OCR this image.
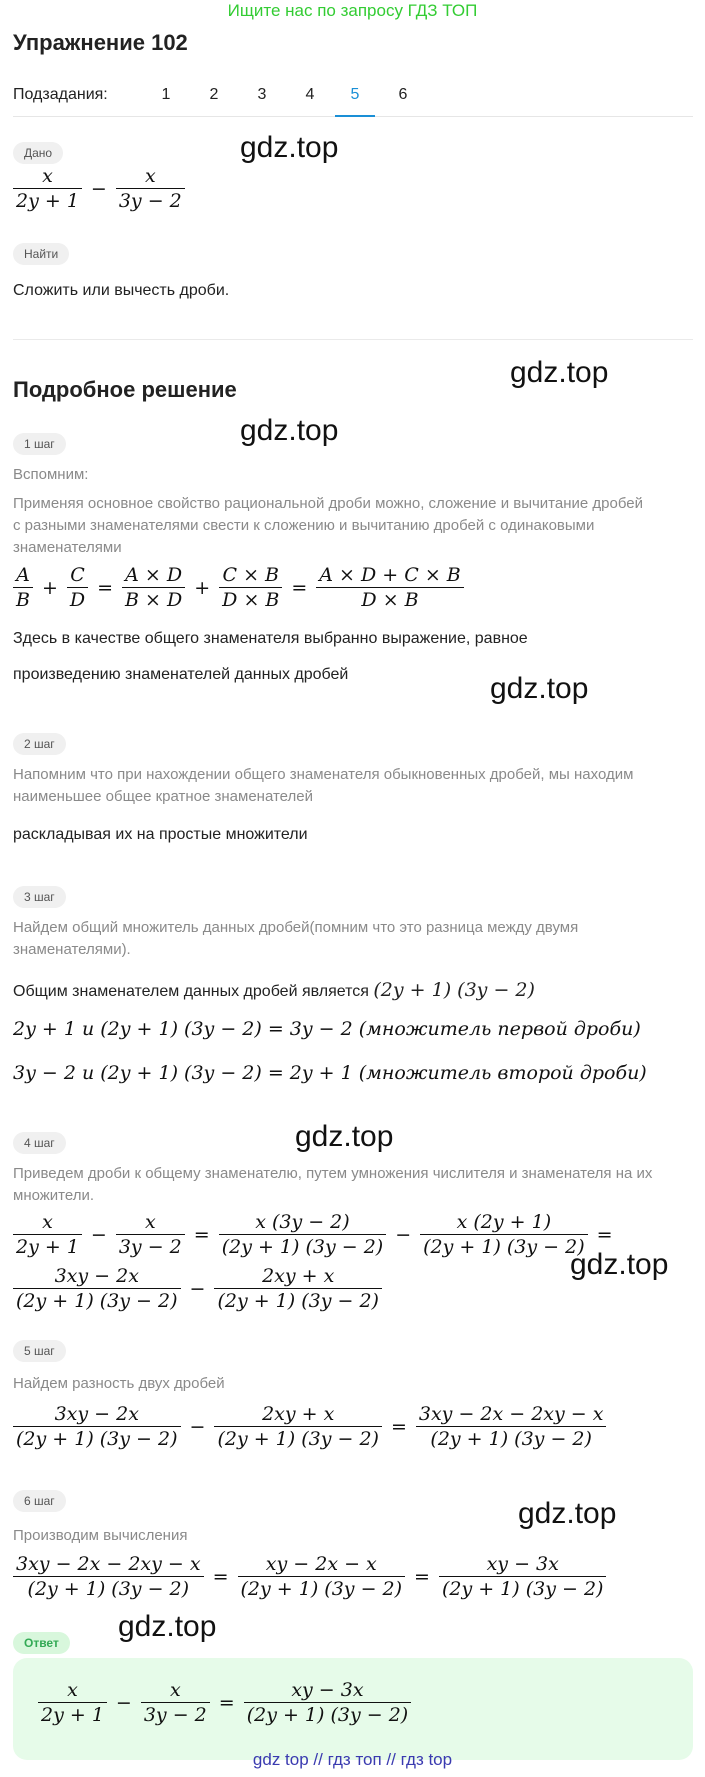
Ищите нас по запросу ГДЗ ТОП
Упражнение 102
Подзадания:	1	2	3	4	5	6
Дано	gdz.top
$\frac{x}{2y + 1} - \frac{x}{3y - 2}$
Найти
Сложить или вычесть дроби.
Подробное решение
gdz.top
gdz.top
1 шаг
Вспомним:
Применяя основное свойство рациональной дроби можно, сложение и вычитание дробей с разными знаменателями свести к сложению и вычитанию дробей с одинаковыми знаменателями
$\frac{A}{B} + \frac{C}{D} = \frac{A \times D}{B \times D} + \frac{C \times B}{D \times B} = \frac{A \times D + C \times B}{D \times B}$
Здесь в качестве общего знаменателя выбранно выражение, равное
произведению знаменателей данных дробей	gdz.top
2 шаг
Напомним что при нахождении общего знаменателя обыкновенных дробей, мы находим наименьшее общее кратное знаменателей
раскладывая их на простые множители
3 шаг
Найдем общий множитель данных дробей(помним что это разница между двумя знаменателями).
Общим знаменателем данных дробей является (2y + 1) (3y − 2)
2y + 1 и (2y + 1) (3y − 2) = 3y − 2 (множитель первой дроби)
3y − 2 и (2y + 1) (3y − 2) = 2y + 1 (множитель второй дроби)
gdz.top
4 шаг
Приведем дроби к общему знаменателю, путем умножения числителя и знаменателя на их множители.
$\frac{x}{2y + 1} - \frac{x}{3y - 2} = \frac{x (3y - 2)}{(2y + 1) (3y - 2)} - \frac{x (2y + 1)}{(2y + 1) (3y - 2)}$ =
$\frac{3xy - 2x}{(2y + 1) (3y - 2)} - \frac{2xy + x}{(2y + 1) (3y - 2)}$	gdz.top
5 шаг
Найдем разность двух дробей
$\frac{3xy - 2x}{(2y + 1) (3y - 2)} - \frac{2xy + x}{(2y + 1) (3y - 2)} = \frac{3xy - 2x - 2xy - x}{(2y + 1) (3y - 2)}$
6 шаг	gdz.top
Производим вычисления
$\frac{3xy - 2x - 2xy - x}{(2y + 1) (3y - 2)} = \frac{xy - 2x - x}{(2y + 1) (3y - 2)} = \frac{xy - 3x}{(2y + 1) (3y - 2)}$
Ответ	gdz.top
$\frac{x}{2y + 1} - \frac{x}{3y - 2} = \frac{xy - 3x}{(2y + 1) (3y - 2)}$
gdz top // гдз топ // гдз top
